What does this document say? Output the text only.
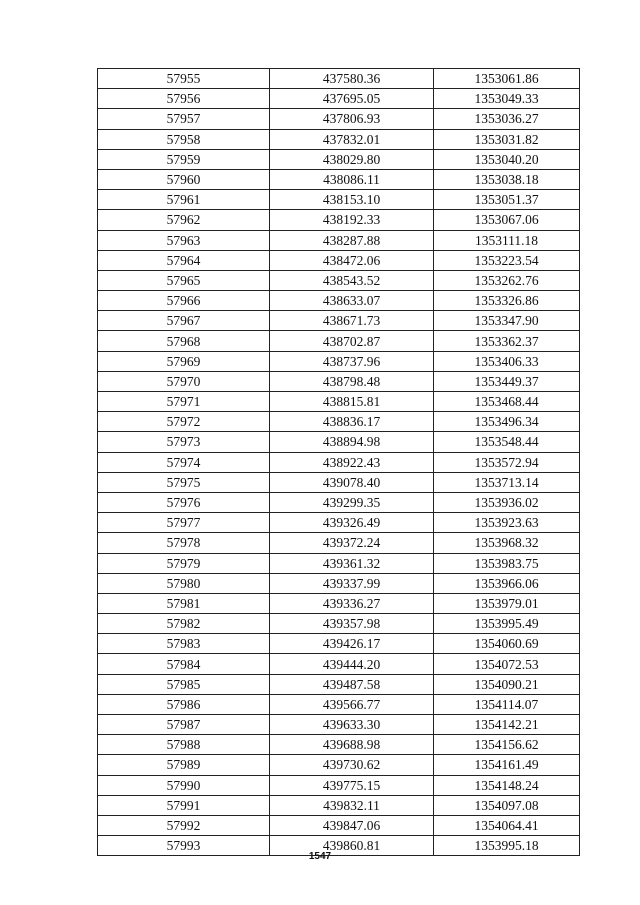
57955	437580.36	1353061.86
57956	437695.05	1353049.33
57957	437806.93	1353036.27
57958	437832.01	1353031.82
57959	438029.80	1353040.20
57960	438086.11	1353038.18
57961	438153.10	1353051.37
57962	438192.33	1353067.06
57963	438287.88	1353111.18
57964	438472.06	1353223.54
57965	438543.52	1353262.76
57966	438633.07	1353326.86
57967	438671.73	1353347.90
57968	438702.87	1353362.37
57969	438737.96	1353406.33
57970	438798.48	1353449.37
57971	438815.81	1353468.44
57972	438836.17	1353496.34
57973	438894.98	1353548.44
57974	438922.43	1353572.94
57975	439078.40	1353713.14
57976	439299.35	1353936.02
57977	439326.49	1353923.63
57978	439372.24	1353968.32
57979	439361.32	1353983.75
57980	439337.99	1353966.06
57981	439336.27	1353979.01
57982	439357.98	1353995.49
57983	439426.17	1354060.69
57984	439444.20	1354072.53
57985	439487.58	1354090.21
57986	439566.77	1354114.07
57987	439633.30	1354142.21
57988	439688.98	1354156.62
57989	439730.62	1354161.49
57990	439775.15	1354148.24
57991	439832.11	1354097.08
57992	439847.06	1354064.41
57993	439860.81	1353995.18
1547
